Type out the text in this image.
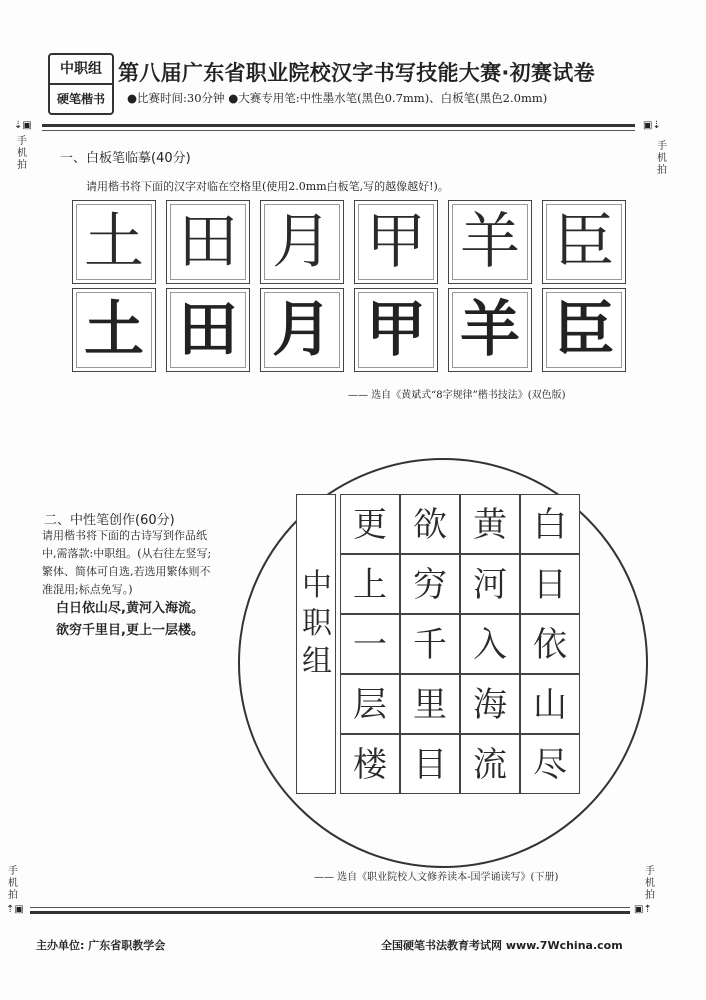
中职组
硬笔楷书
第八届广东省职业院校汉字书写技能大赛·初赛试卷
●比赛时间:30分钟 ●大赛专用笔:中性墨水笔(黑色0.7mm)、白板笔(黑色2.0mm)
⇣▣
手机拍
▣⇣
手机拍
一、白板笔临摹(40分)
请用楷书将下面的汉字对临在空格里(使用2.0mm白板笔,写的越像越好!)。
土
土
田
田
月
月
甲
甲
羊
羊
臣
臣
—— 选自《黄斌式“8字规律”楷书技法》(双色版)
二、中性笔创作(60分)
请用楷书将下面的古诗写到作品纸中,需落款:中职组。(从右往左竖写;繁体、简体可自选,若选用繁体则不准混用;标点免写。)
白日依山尽,黄河入海流。
欲穷千里目,更上一层楼。
中
职
组
白
日
依
山
尽
黄
河
入
海
流
欲
穷
千
里
目
更
上
一
层
楼
—— 选自《职业院校人文修养读本-国学诵读写》(下册)
手机拍
⇡▣
手机拍
▣⇡
主办单位: 广东省职教学会	全国硬笔书法教育考试网 www.7Wchina.com
